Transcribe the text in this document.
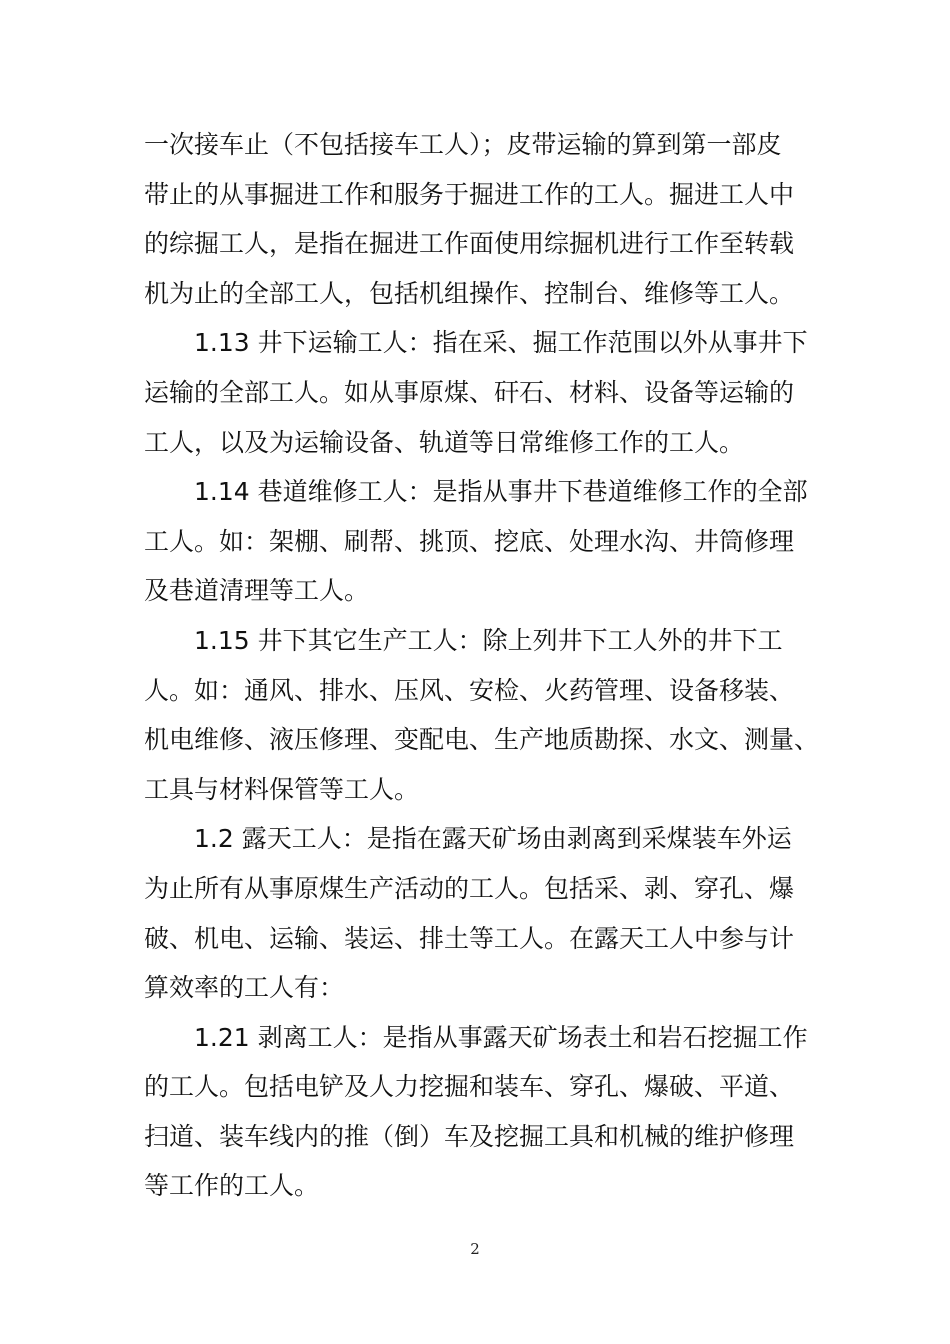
一次接车止（不包括接车工人）；皮带运输的算到第一部皮
带止的从事掘进工作和服务于掘进工作的工人。掘进工人中
的综掘工人，是指在掘进工作面使用综掘机进行工作至转载
机为止的全部工人，包括机组操作、控制台、维修等工人。
1.13 井下运输工人：指在采、掘工作范围以外从事井下
运输的全部工人。如从事原煤、矸石、材料、设备等运输的
工人，以及为运输设备、轨道等日常维修工作的工人。
1.14 巷道维修工人：是指从事井下巷道维修工作的全部
工人。如：架棚、刷帮、挑顶、挖底、处理水沟、井筒修理
及巷道清理等工人。
1.15 井下其它生产工人：除上列井下工人外的井下工
人。如：通风、排水、压风、安检、火药管理、设备移装、
机电维修、液压修理、变配电、生产地质勘探、水文、测量、
工具与材料保管等工人。
1.2 露天工人：是指在露天矿场由剥离到采煤装车外运
为止所有从事原煤生产活动的工人。包括采、剥、穿孔、爆
破、机电、运输、装运、排土等工人。在露天工人中参与计
算效率的工人有：
1.21 剥离工人：是指从事露天矿场表土和岩石挖掘工作
的工人。包括电铲及人力挖掘和装车、穿孔、爆破、平道、
扫道、装车线内的推（倒）车及挖掘工具和机械的维护修理
等工作的工人。
2
